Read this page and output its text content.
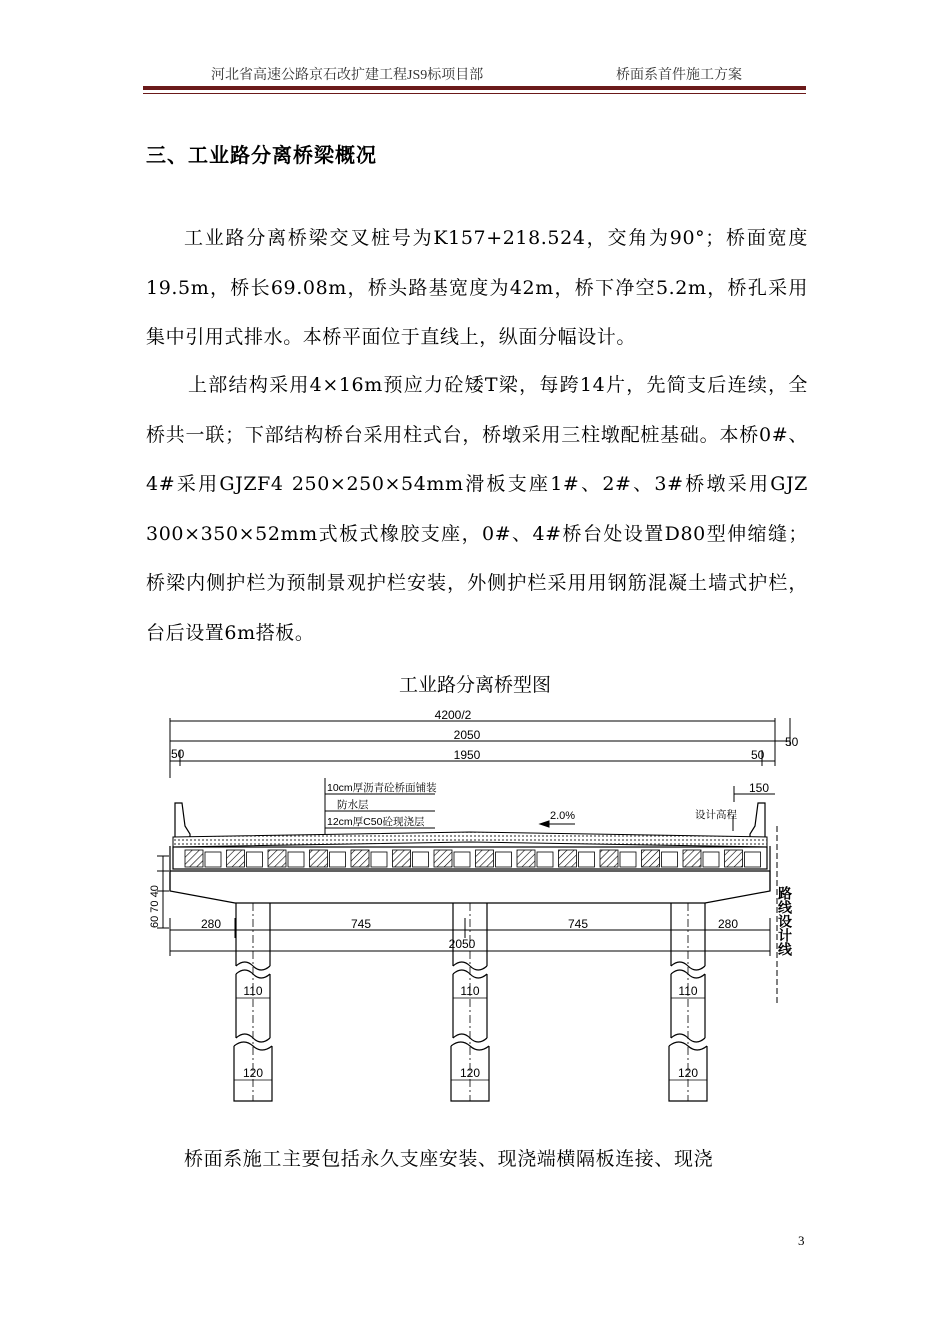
河北省高速公路京石改扩建工程JS9标项目部	桥面系首件施工方案
三、工业路分离桥梁概况

工业路分离桥梁交叉桩号为K157+218.524，交角为90°；桥面宽度19.5m，桥长69.08m，桥头路基宽度为42m，桥下净空5.2m，桥孔采用集中引用式排水。本桥平面位于直线上，纵面分幅设计。

上部结构采用4×16m预应力砼矮T梁，每跨14片，先简支后连续，全桥共一联；下部结构桥台采用柱式台，桥墩采用三柱墩配桩基础。本桥0#、4#采用GJZF4 250×250×54mm滑板支座1#、2#、3#桥墩采用GJZ 300×350×52mm式板式橡胶支座，0#、4#桥台处设置D80型伸缩缝；桥梁内侧护栏为预制景观护栏安装，外侧护栏采用用钢筋混凝土墙式护栏，台后设置6m搭板。

工业路分离桥型图
4200/2
2050	50
50	1950	50
150
10cm厚沥青砼桥面铺装
防水层
12cm厚C50砼现浇层	2.0%	设计高程
60 70 40	280	745	745	280
2050
110
120
110
120
110
120
路线设计线

桥面系施工主要包括永久支座安装、现浇端横隔板连接、现浇

3
